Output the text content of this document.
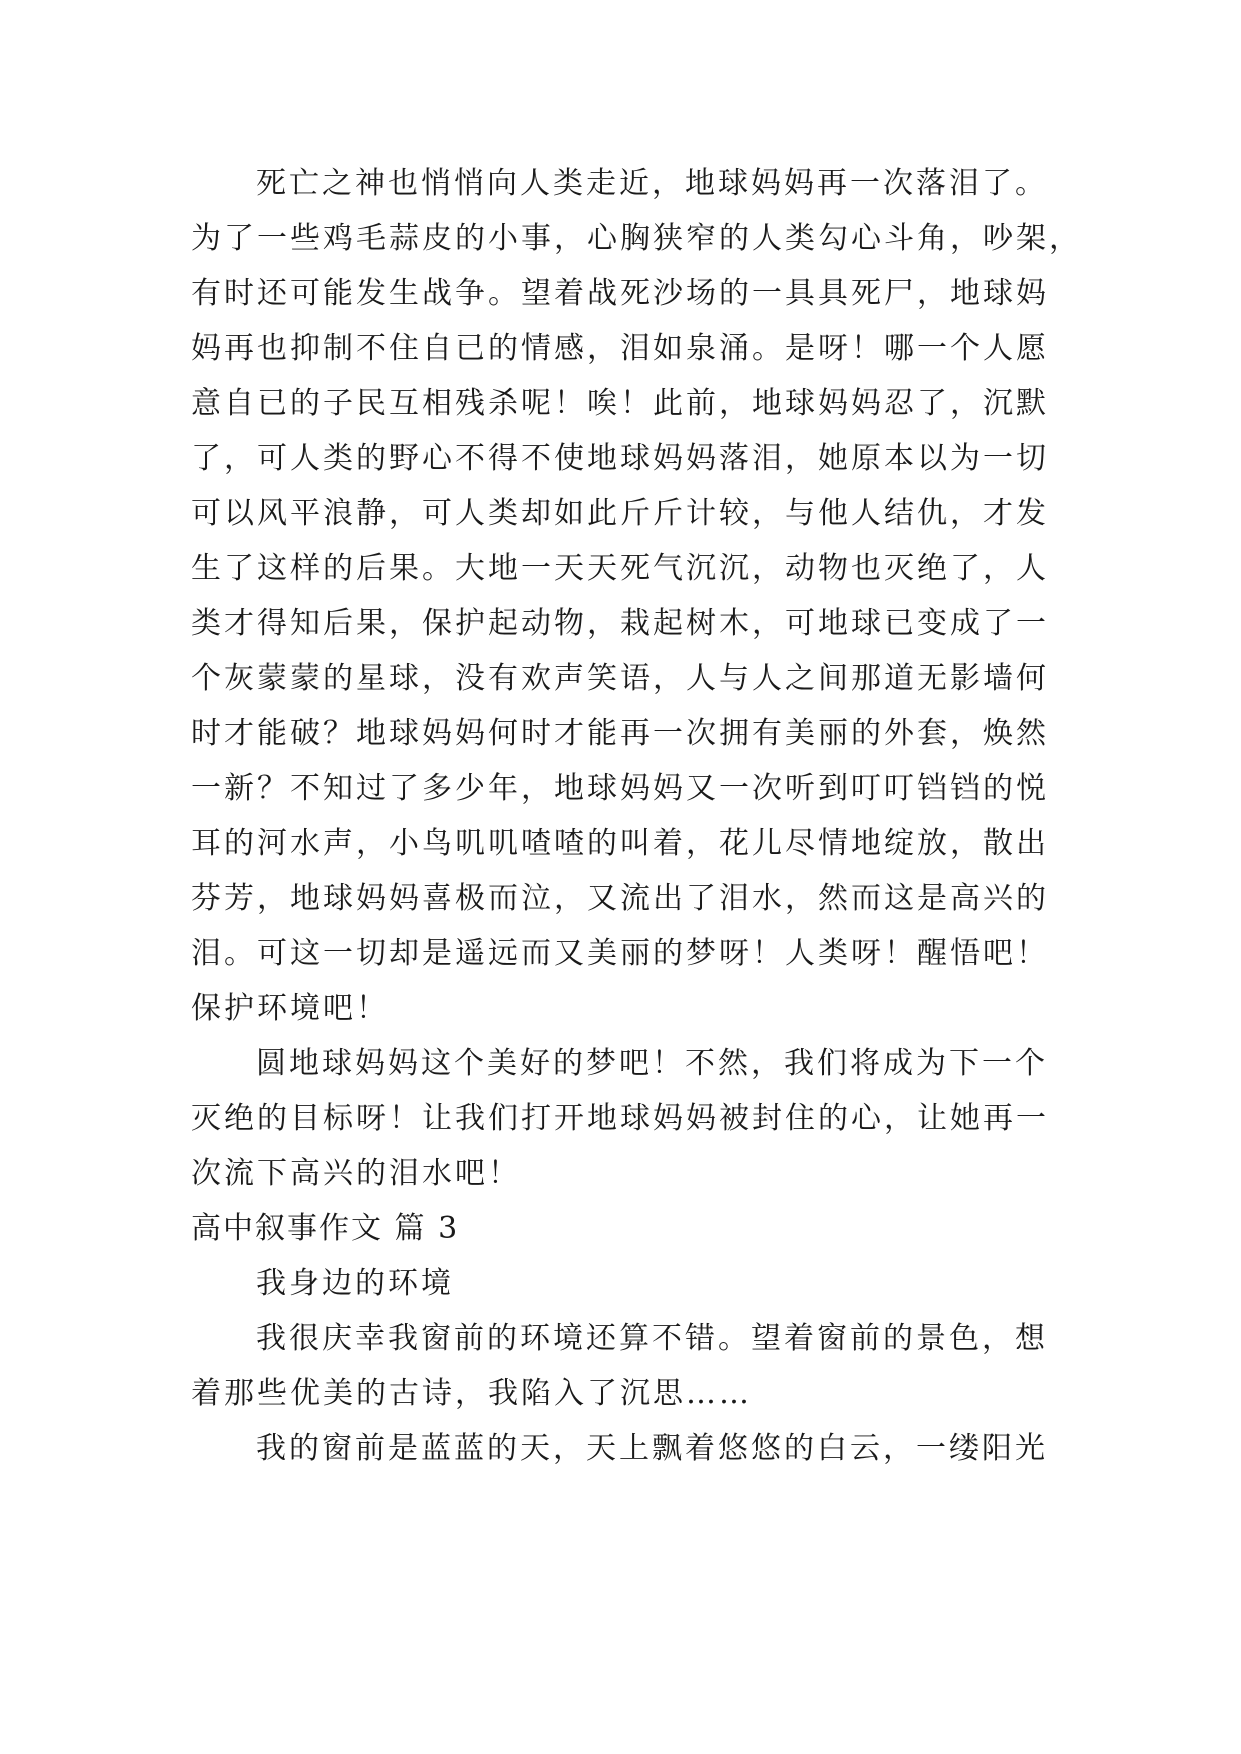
死亡之神也悄悄向人类走近，地球妈妈再一次落泪了。
为了一些鸡毛蒜皮的小事，心胸狭窄的人类勾心斗角，吵架，
有时还可能发生战争。望着战死沙场的一具具死尸，地球妈
妈再也抑制不住自已的情感，泪如泉涌。是呀！哪一个人愿
意自已的子民互相残杀呢！唉！此前，地球妈妈忍了，沉默
了，可人类的野心不得不使地球妈妈落泪，她原本以为一切
可以风平浪静，可人类却如此斤斤计较，与他人结仇，才发
生了这样的后果。大地一天天死气沉沉，动物也灭绝了，人
类才得知后果，保护起动物，栽起树木，可地球已变成了一
个灰蒙蒙的星球，没有欢声笑语，人与人之间那道无影墙何
时才能破？地球妈妈何时才能再一次拥有美丽的外套，焕然
一新？不知过了多少年，地球妈妈又一次听到叮叮铛铛的悦
耳的河水声，小鸟叽叽喳喳的叫着，花儿尽情地绽放，散出
芬芳，地球妈妈喜极而泣，又流出了泪水，然而这是高兴的
泪。可这一切却是遥远而又美丽的梦呀！人类呀！醒悟吧！
保护环境吧！
圆地球妈妈这个美好的梦吧！不然，我们将成为下一个
灭绝的目标呀！让我们打开地球妈妈被封住的心，让她再一
次流下高兴的泪水吧！
高中叙事作文 篇 3
我身边的环境
我很庆幸我窗前的环境还算不错。望着窗前的景色，想
着那些优美的古诗，我陷入了沉思……
我的窗前是蓝蓝的天，天上飘着悠悠的白云，一缕阳光
